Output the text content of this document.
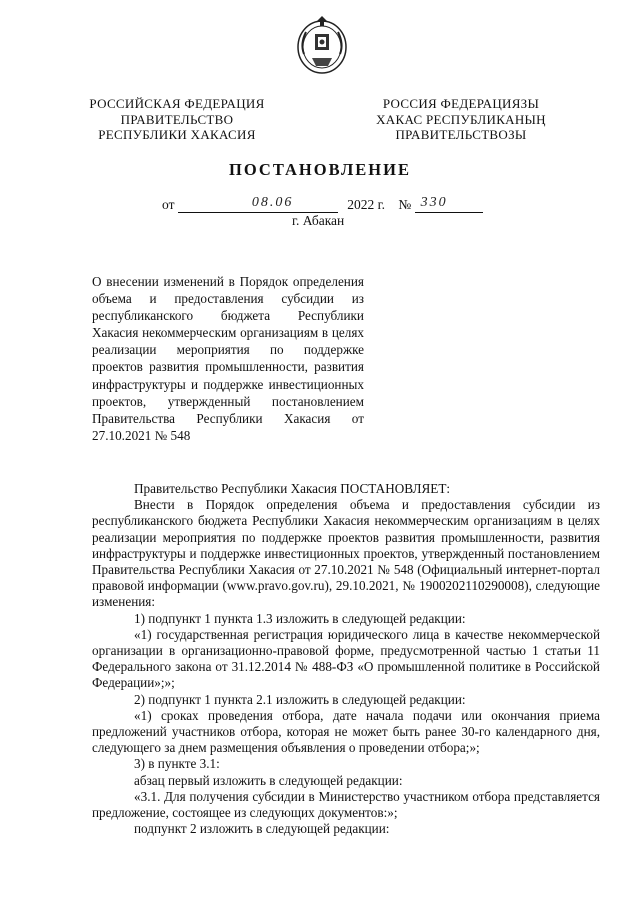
РОССИЙСКАЯ ФЕДЕРАЦИЯ
ПРАВИТЕЛЬСТВО
РЕСПУБЛИКИ ХАКАСИЯ
РОССИЯ ФЕДЕРАЦИЯЗЫ
ХАКАС РЕСПУБЛИКАНЫҢ
ПРАВИТЕЛЬСТВОЗЫ
ПОСТАНОВЛЕНИЕ
от	08.06	2022 г. № 330
г. Абакан
О внесении изменений в Порядок определения объема и предоставления субсидии из республиканского бюджета Республики Хакасия некоммерческим организациям в целях реализации мероприятия по поддержке проектов развития промышленности, развития инфраструктуры и поддержке инвестиционных проектов, утвержденный постановлением Правительства Республики Хакасия от 27.10.2021 № 548

Правительство Республики Хакасия ПОСТАНОВЛЯЕТ:

Внести в Порядок определения объема и предоставления субсидии из республиканского бюджета Республики Хакасия некоммерческим организациям в целях реализации мероприятия по поддержке проектов развития промышленности, развития инфраструктуры и поддержке инвестиционных проектов, утвержденный постановлением Правительства Республики Хакасия от 27.10.2021 № 548 (Официальный интернет-портал правовой информации (www.pravo.gov.ru), 29.10.2021, № 1900202110290008), следующие изменения:

1) подпункт 1 пункта 1.3 изложить в следующей редакции:

«1) государственная регистрация юридического лица в качестве некоммерческой организации в организационно-правовой форме, предусмотренной частью 1 статьи 11 Федерального закона от 31.12.2014 № 488-ФЗ «О промышленной политике в Российской Федерации»;»;

2) подпункт 1 пункта 2.1 изложить в следующей редакции:

«1) сроках проведения отбора, дате начала подачи или окончания приема предложений участников отбора, которая не может быть ранее 30-го календарного дня, следующего за днем размещения объявления о проведении отбора;»;

3) в пункте 3.1:

абзац первый изложить в следующей редакции:

«3.1. Для получения субсидии в Министерство участником отбора представляется предложение, состоящее из следующих документов:»;

подпункт 2 изложить в следующей редакции:
